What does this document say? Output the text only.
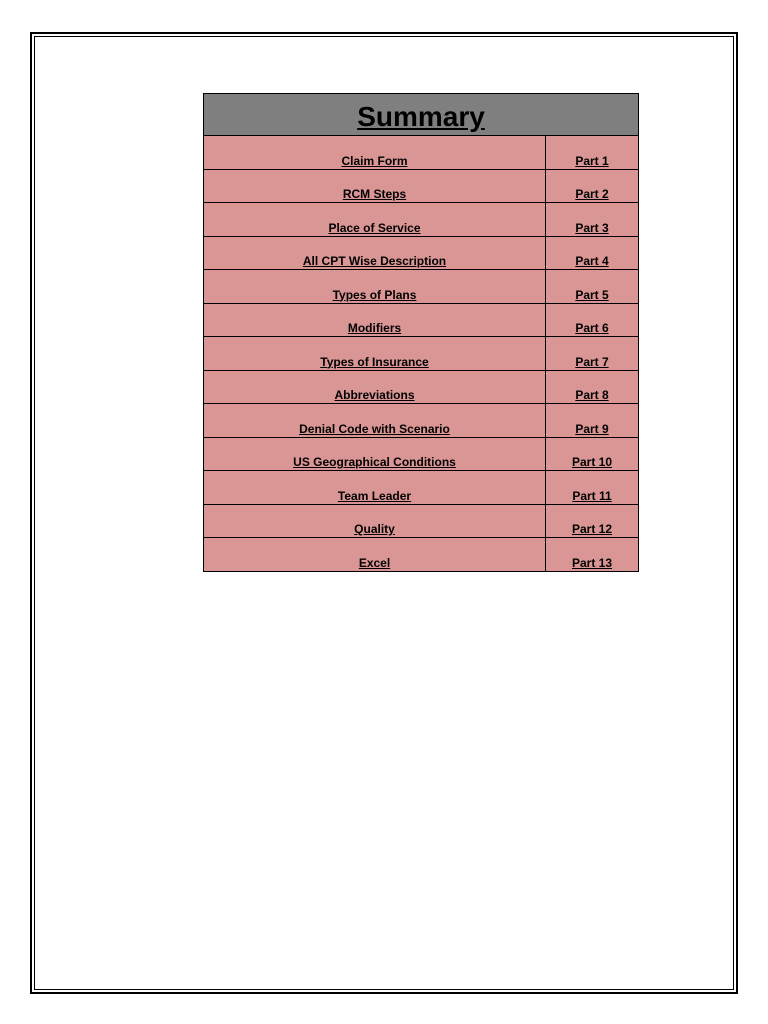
Summary	
Claim Form	Part 1
RCM Steps	Part 2
Place of Service	Part 3
All CPT Wise Description	Part 4
Types of Plans	Part 5
Modifiers	Part 6
Types of Insurance	Part 7
Abbreviations	Part 8
Denial Code with Scenario	Part 9
US Geographical Conditions	Part 10
Team Leader	Part 11
Quality	Part 12
Excel	Part 13
